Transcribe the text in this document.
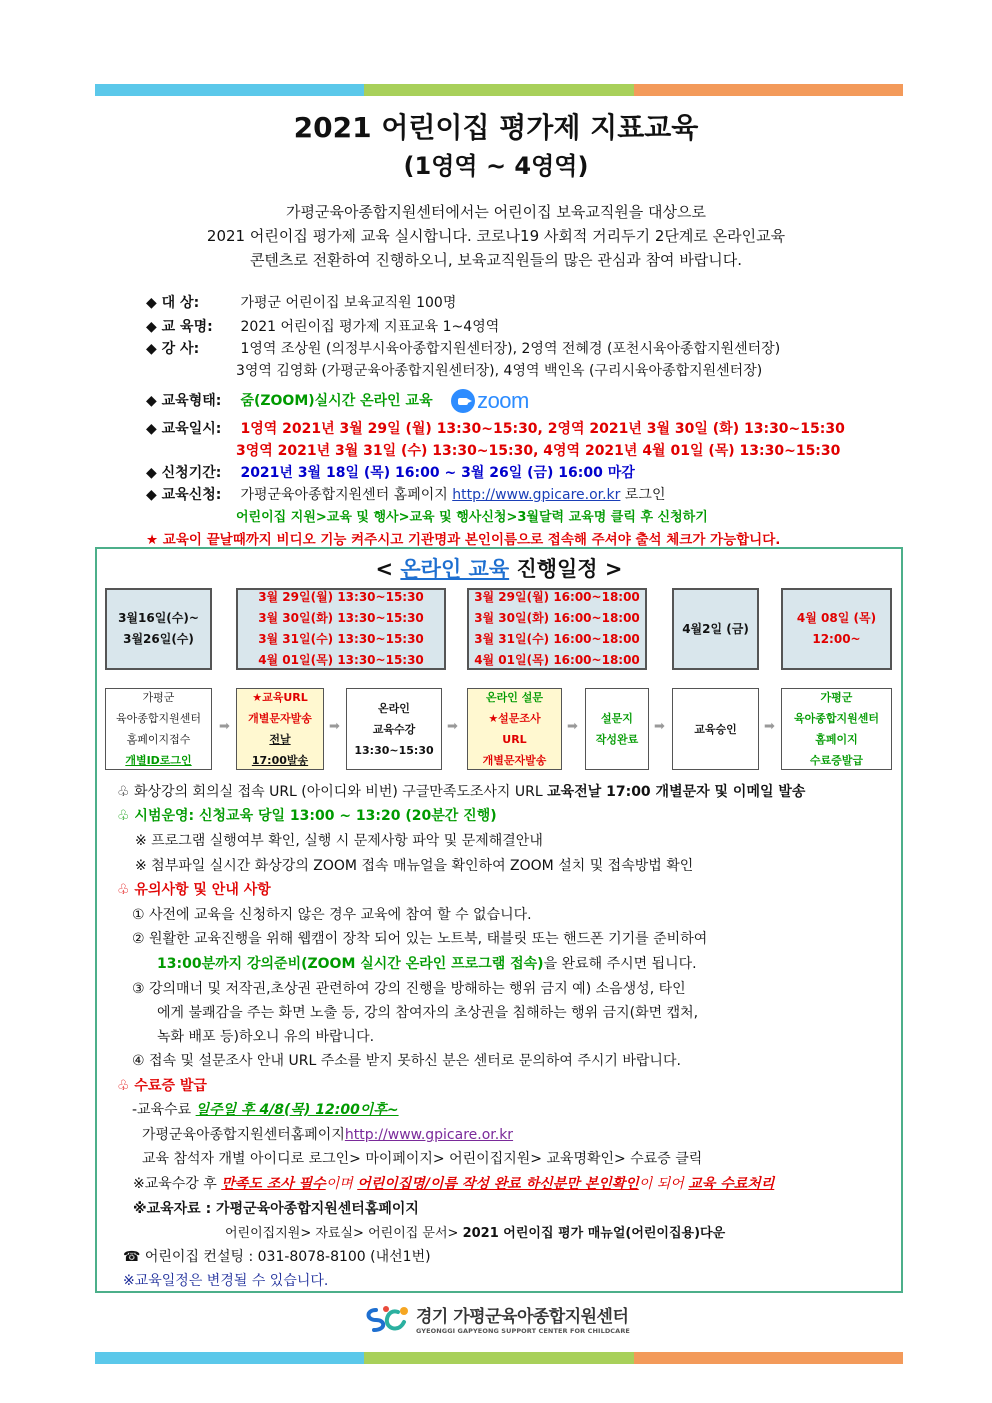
2021 어린이집 평가제 지표교육
(1영역 ~ 4영역)
가평군육아종합지원센터에서는 어린이집 보육교직원을 대상으로
2021 어린이집 평가제 교육 실시합니다. 코로나19 사회적 거리두기 2단계로 온라인교육
콘텐츠로 전환하여 진행하오니, 보육교직원들의 많은 관심과 참여 바랍니다.
◆ 대 상:	가평군 어린이집 보육교직원 100명
◆ 교 육명: 2021 어린이집 평가제 지표교육 1~4영역
◆ 강 사:	1영역 조상원 (의정부시육아종합지원센터장), 2영역 전혜경 (포천시육아종합지원센터장)
3영역 김영화 (가평군육아종합지원센터장), 4영역 백인옥 (구리시육아종합지원센터장)
◆ 교육형태: 줌(ZOOM)실시간 온라인 교육 zoom
◆ 교육일시: 1영역 2021년 3월 29일 (월) 13:30~15:30, 2영역 2021년 3월 30일 (화) 13:30~15:30
3영역 2021년 3월 31일 (수) 13:30~15:30, 4영역 2021년 4월 01일 (목) 13:30~15:30
◆ 신청기간: 2021년 3월 18일 (목) 16:00 ~ 3월 26일 (금) 16:00 마감
◆ 교육신청: 가평군육아종합지원센터 홈페이지 http://www.gpicare.or.kr 로그인
어린이집 지원>교육 및 행사>교육 및 행사신청>3월달력 교육명 클릭 후 신청하기
★ 교육이 끝날때까지 비디오 기능 켜주시고 기관명과 본인이름으로 접속해 주셔야 출석 체크가 가능합니다.
< 온라인 교육 진행일정 >
3월16일(수)~
3월26일(수)
3월 29일(월) 13:30~15:30
3월 30일(화) 13:30~15:30
3월 31일(수) 13:30~15:30
4월 01일(목) 13:30~15:30
3월 29일(월) 16:00~18:00
3월 30일(화) 16:00~18:00
3월 31일(수) 16:00~18:00
4월 01일(목) 16:00~18:00
4월2일 (금)
4월 08일 (목)
12:00~
가평군
육아종합지원센터
홈페이지접수
개별ID로그인
➡
★교육URL
개별문자발송
전날
17:00발송
➡
온라인
교육수강
13:30~15:30
➡
온라인 설문
★설문조사
URL
개별문자발송
➡
설문지
작성완료
➡	교육승인 ➡
가평군
육아종합지원센터
홈페이지
수료증발급
♧ 화상강의 회의실 접속 URL (아이디와 비번) 구글만족도조사지 URL 교육전날 17:00 개별문자 및 이메일 발송
♧ 시범운영: 신청교육 당일 13:00 ~ 13:20 (20분간 진행)
※ 프로그램 실행여부 확인, 실행 시 문제사항 파악 및 문제해결안내
※ 첨부파일 실시간 화상강의 ZOOM 접속 매뉴얼을 확인하여 ZOOM 설치 및 접속방법 확인
♧ 유의사항 및 안내 사항
① 사전에 교육을 신청하지 않은 경우 교육에 참여 할 수 없습니다.
② 원활한 교육진행을 위해 웹캠이 장착 되어 있는 노트북, 태블릿 또는 핸드폰 기기를 준비하여
13:00분까지 강의준비(ZOOM 실시간 온라인 프로그램 접속)을 완료해 주시면 됩니다.
③ 강의매너 및 저작권,초상권 관련하여 강의 진행을 방해하는 행위 금지 예) 소음생성, 타인
에게 불쾌감을 주는 화면 노출 등, 강의 참여자의 초상권을 침해하는 행위 금지(화면 캡처,
녹화 배포 등)하오니 유의 바랍니다.
④ 접속 및 설문조사 안내 URL 주소를 받지 못하신 분은 센터로 문의하여 주시기 바랍니다.
♧ 수료증 발급
-교육수료 일주일 후 4/8(목) 12:00이후~
가평군육아종합지원센터홈페이지http://www.gpicare.or.kr
교육 참석자 개별 아이디로 로그인> 마이페이지> 어린이집지원> 교육명확인> 수료증 클릭
※교육수강 후 만족도 조사 필수이며 어린이집명/이름 작성 완료 하신분만 본인확인이 되어 교육 수료처리
※교육자료 : 가평군육아종합지원센터홈페이지
어린이집지원> 자료실> 어린이집 문서> 2021 어린이집 평가 매뉴얼(어린이집용)다운
☎ 어린이집 컨설팅 : 031-8078-8100 (내선1번)
※교육일정은 변경될 수 있습니다.
경기 가평군육아종합지원센터
GYEONGGI GAPYEONG SUPPORT CENTER FOR CHILDCARE
